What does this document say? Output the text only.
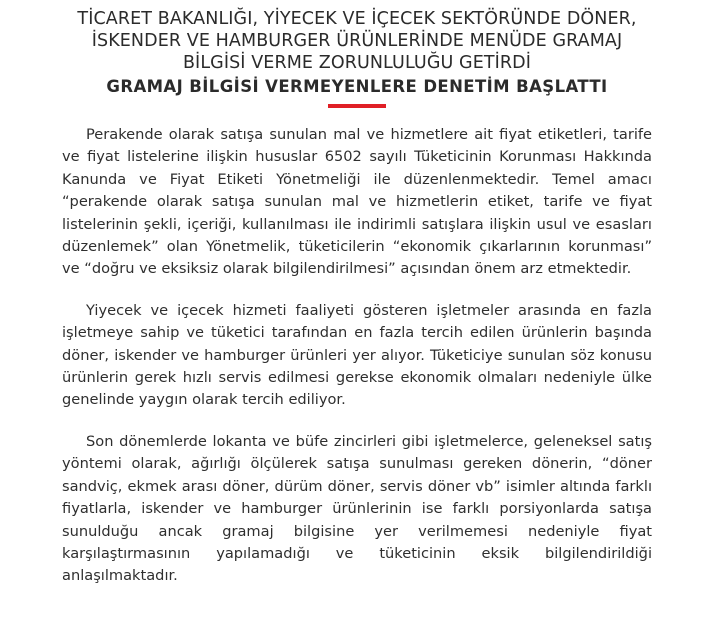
TİCARET BAKANLIĞI, YİYECEK VE İÇECEK SEKTÖRÜNDE DÖNER,
İSKENDER VE HAMBURGER ÜRÜNLERİNDE MENÜDE GRAMAJ
BİLGİSİ VERME ZORUNLULUĞU GETİRDİ
GRAMAJ BİLGİSİ VERMEYENLERE DENETİM BAŞLATTI

Perakende olarak satışa sunulan mal ve hizmetlere ait fiyat etiketleri, tarife ve fiyat listelerine ilişkin hususlar 6502 sayılı Tüketicinin Korunması Hakkında Kanunda ve Fiyat Etiketi Yönetmeliği ile düzenlenmektedir. Temel amacı “perakende olarak satışa sunulan mal ve hizmetlerin etiket, tarife ve fiyat listelerinin şekli, içeriği, kullanılması ile indirimli satışlara ilişkin usul ve esasları düzenlemek” olan Yönetmelik, tüketicilerin “ekonomik çıkarlarının korunması” ve “doğru ve eksiksiz olarak bilgilendirilmesi” açısından önem arz etmektedir.

Yiyecek ve içecek hizmeti faaliyeti gösteren işletmeler arasında en fazla işletmeye sahip ve tüketici tarafından en fazla tercih edilen ürünlerin başında döner, iskender ve hamburger ürünleri yer alıyor. Tüketiciye sunulan söz konusu ürünlerin gerek hızlı servis edilmesi gerekse ekonomik olmaları nedeniyle ülke genelinde yaygın olarak tercih ediliyor.

Son dönemlerde lokanta ve büfe zincirleri gibi işletmelerce, geleneksel satış yöntemi olarak, ağırlığı ölçülerek satışa sunulması gereken dönerin, “döner sandviç, ekmek arası döner, dürüm döner, servis döner vb” isimler altında farklı fiyatlarla, iskender ve hamburger ürünlerinin ise farklı porsiyonlarda satışa sunulduğu ancak gramaj bilgisine yer verilmemesi nedeniyle fiyat karşılaştırmasının yapılamadığı ve tüketicinin eksik bilgilendirildiği anlaşılmaktadır.
